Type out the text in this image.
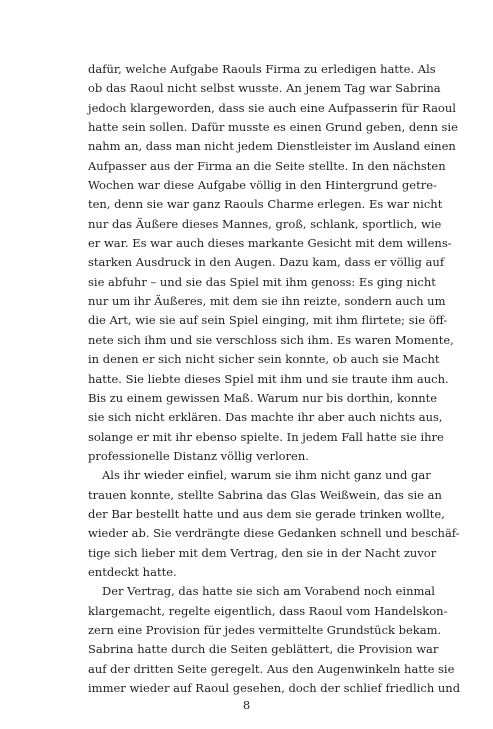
dafür, welche Aufgabe Raouls Firma zu erledigen hatte. Als
ob das Raoul nicht selbst wusste. An jenem Tag war Sabrina
jedoch klargeworden, dass sie auch eine Aufpasserin für Raoul
hatte sein sollen. Dafür musste es einen Grund geben, denn sie
nahm an, dass man nicht jedem Dienstleister im Ausland einen
Aufpasser aus der Firma an die Seite stellte. In den nächsten
Wochen war diese Aufgabe völlig in den Hintergrund getre-
ten, denn sie war ganz Raouls Charme erlegen. Es war nicht
nur das Äußere dieses Mannes, groß, schlank, sportlich, wie
er war. Es war auch dieses markante Gesicht mit dem willens-
starken Ausdruck in den Augen. Dazu kam, dass er völlig auf
sie abfuhr – und sie das Spiel mit ihm genoss: Es ging nicht
nur um ihr Äußeres, mit dem sie ihn reizte, sondern auch um
die Art, wie sie auf sein Spiel einging, mit ihm flirtete; sie öff-
nete sich ihm und sie verschloss sich ihm. Es waren Momente,
in denen er sich nicht sicher sein konnte, ob auch sie Macht
hatte. Sie liebte dieses Spiel mit ihm und sie traute ihm auch.
Bis zu einem gewissen Maß. Warum nur bis dorthin, konnte
sie sich nicht erklären. Das machte ihr aber auch nichts aus,
solange er mit ihr ebenso spielte. In jedem Fall hatte sie ihre
professionelle Distanz völlig verloren.
Als ihr wieder einfiel, warum sie ihm nicht ganz und gar
trauen konnte, stellte Sabrina das Glas Weißwein, das sie an
der Bar bestellt hatte und aus dem sie gerade trinken wollte,
wieder ab. Sie verdrängte diese Gedanken schnell und beschäf-
tige sich lieber mit dem Vertrag, den sie in der Nacht zuvor
entdeckt hatte.
Der Vertrag, das hatte sie sich am Vorabend noch einmal
klargemacht, regelte eigentlich, dass Raoul vom Handelskon-
zern eine Provision für jedes vermittelte Grundstück bekam.
Sabrina hatte durch die Seiten geblättert, die Provision war
auf der dritten Seite geregelt. Aus den Augenwinkeln hatte sie
immer wieder auf Raoul gesehen, doch der schlief friedlich und
8
